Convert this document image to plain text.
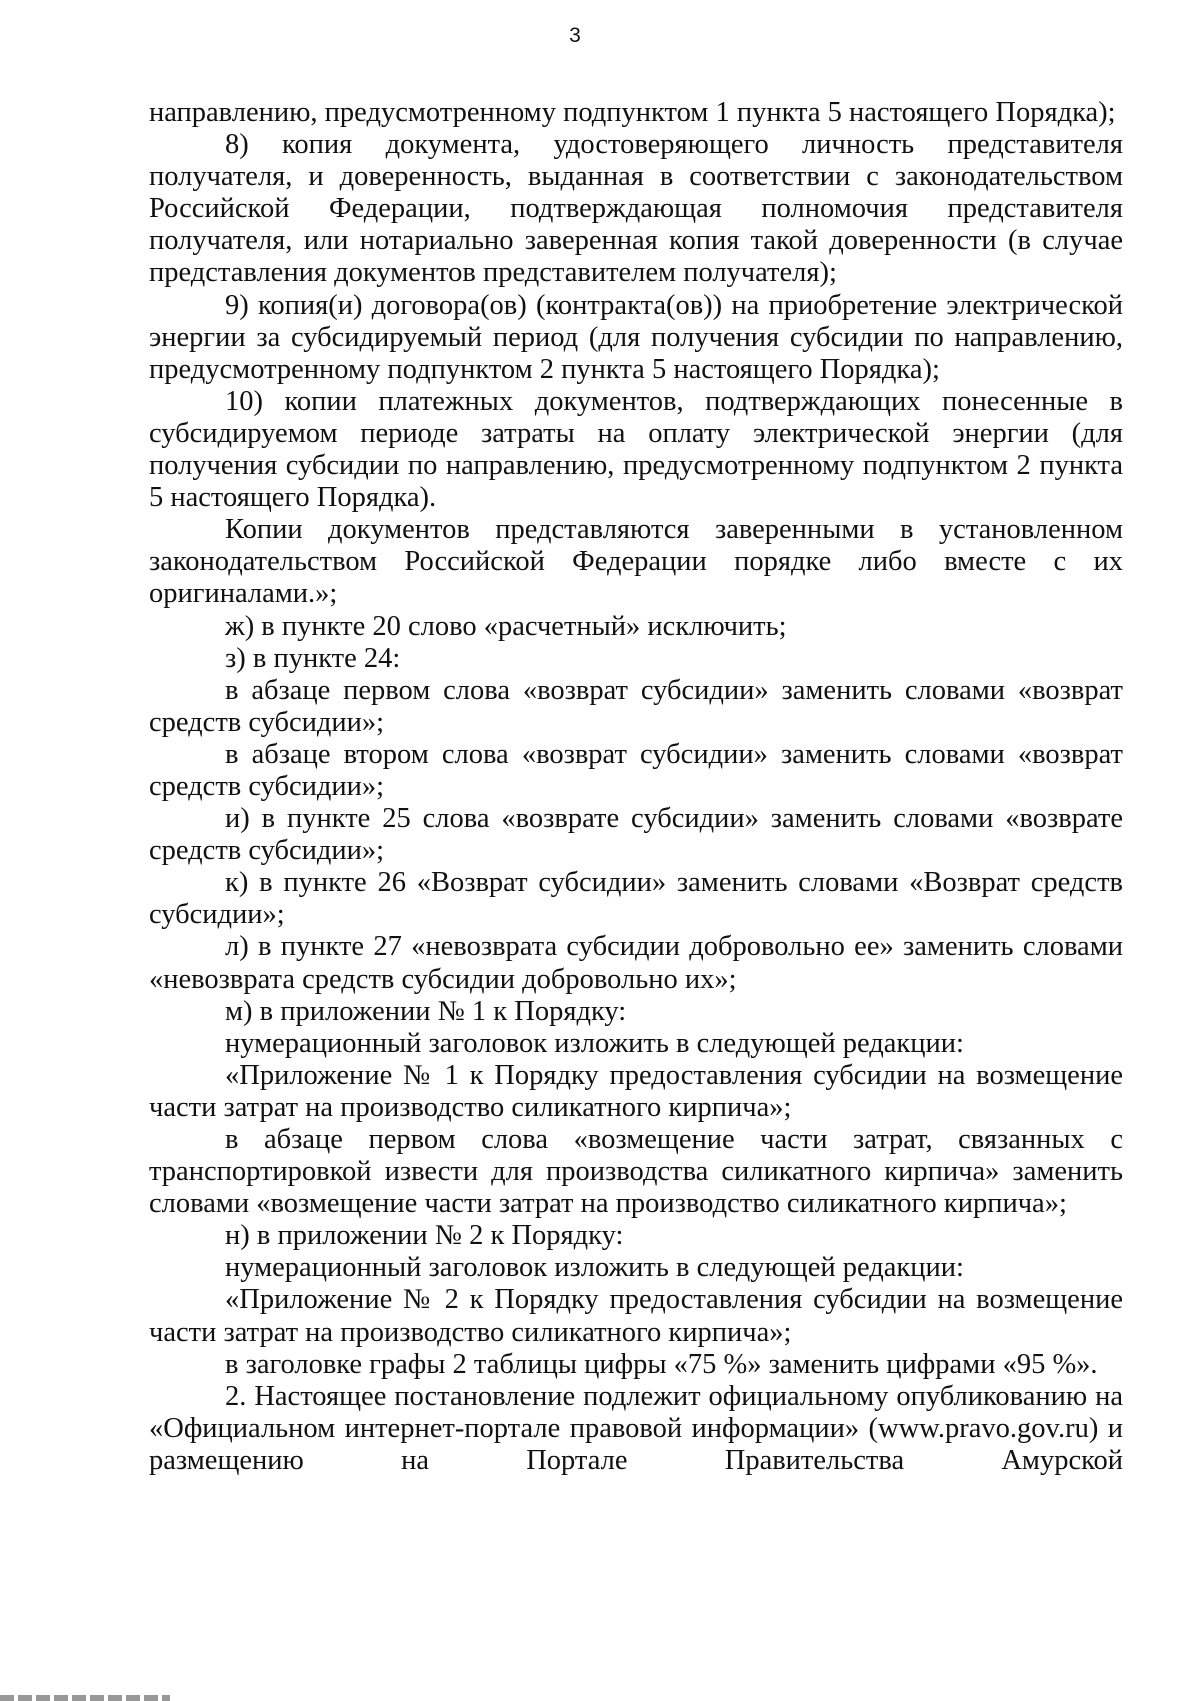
3

направлению, предусмотренному подпунктом 1 пункта 5 настоящего Порядка);

8) копия документа, удостоверяющего личность представителя получателя, и доверенность, выданная в соответствии с законодательством Российской Федерации, подтверждающая полномочия представителя получателя, или нотариально заверенная копия такой доверенности (в случае представления документов представителем получателя);

9) копия(и) договора(ов) (контракта(ов)) на приобретение электрической энергии за субсидируемый период (для получения субсидии по направлению, предусмотренному подпунктом 2 пункта 5 настоящего Порядка);

10) копии платежных документов, подтверждающих понесенные в субсидируемом периоде затраты на оплату электрической энергии (для получения субсидии по направлению, предусмотренному подпунктом 2 пункта 5 настоящего Порядка).

Копии документов представляются заверенными в установленном законодательством Российской Федерации порядке либо вместе с их оригиналами.»;

ж) в пункте 20 слово «расчетный» исключить;

з) в пункте 24:

в абзаце первом слова «возврат субсидии» заменить словами «возврат средств субсидии»;

в абзаце втором слова «возврат субсидии» заменить словами «возврат средств субсидии»;

и) в пункте 25 слова «возврате субсидии» заменить словами «возврате средств субсидии»;

к) в пункте 26 «Возврат субсидии» заменить словами «Возврат средств субсидии»;

л) в пункте 27 «невозврата субсидии добровольно ее» заменить словами «невозврата средств субсидии добровольно их»;

м) в приложении № 1 к Порядку:

нумерационный заголовок изложить в следующей редакции:

«Приложение № 1 к Порядку предоставления субсидии на возмещение части затрат на производство силикатного кирпича»;

в абзаце первом слова «возмещение части затрат, связанных с транспортировкой извести для производства силикатного кирпича» заменить словами «возмещение части затрат на производство силикатного кирпича»;

н) в приложении № 2 к Порядку:

нумерационный заголовок изложить в следующей редакции:

«Приложение № 2 к Порядку предоставления субсидии на возмещение части затрат на производство силикатного кирпича»;

в заголовке графы 2 таблицы цифры «75 %» заменить цифрами «95 %».

2. Настоящее постановление подлежит официальному опубликованию на «Официальном интернет-портале правовой информации» (www.pravo.gov.ru) и размещению на Портале Правительства Амурской
